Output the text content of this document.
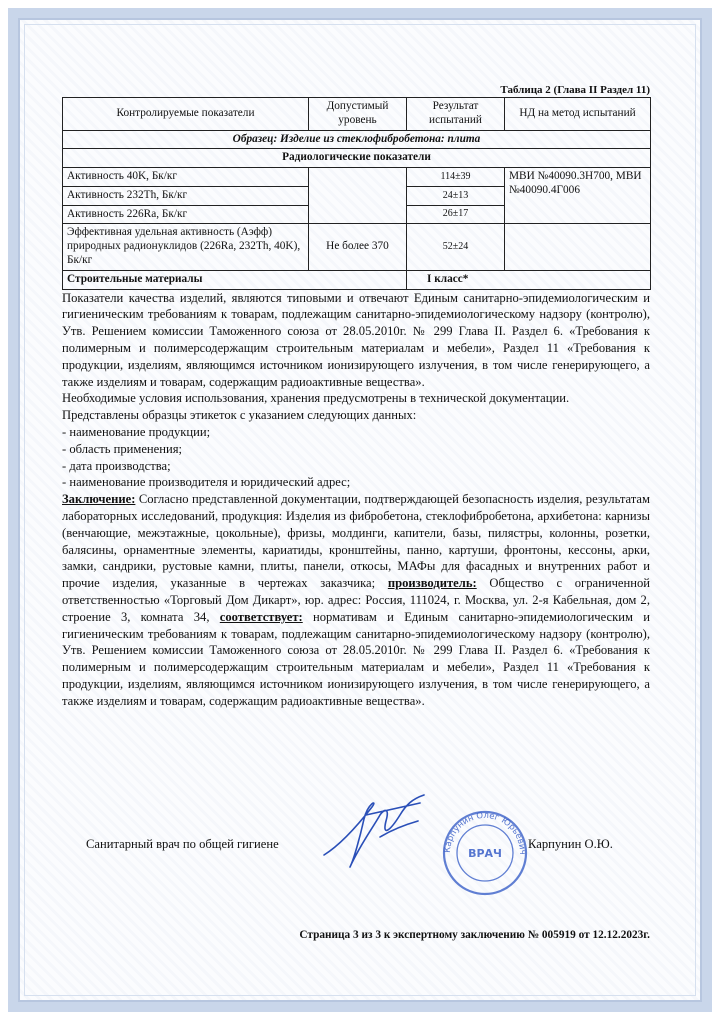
Таблица 2 (Глава II Раздел 11)
Контролируемые показатели	Допустимый уровень	Результат испытаний	НД на метод испытаний
Образец: Изделие из стеклофибробетона: плита			
Радиологические показатели			
Активность 40K, Бк/кг		114±39	МВИ №40090.3Н700, МВИ №40090.4Г006
Активность 232Th, Бк/кг		24±13	
Активность 226Ra, Бк/кг		26±17	
Эффективная удельная активность (Аэфф) природных радионуклидов (226Ra, 232Th, 40K), Бк/кг	Не более 370	52±24	
Строительные материалы		I класс*	

Показатели качества изделий, являются типовыми и отвечают Единым санитарно-эпидемиологическим и гигиеническим требованиям к товарам, подлежащим санитарно-эпидемиологическому надзору (контролю), Утв. Решением комиссии Таможенного союза от 28.05.2010г. № 299 Глава II. Раздел 6. «Требования к полимерным и полимерсодержащим строительным материалам и мебели», Раздел 11 «Требования к продукции, изделиям, являющимся источником ионизирующего излучения, в том числе генерирующего, а также изделиям и товарам, содержащим радиоактивные вещества».

Необходимые условия использования, хранения предусмотрены в технической документации.

Представлены образцы этикеток с указанием следующих данных:

- наименование продукции;

- область применения;

- дата производства;

- наименование производителя и юридический адрес;

Заключение: Согласно представленной документации, подтверждающей безопасность изделия, результатам лабораторных исследований, продукция: Изделия из фибробетона, стеклофибробетона, архибетона: карнизы (венчающие, межэтажные, цокольные), фризы, молдинги, капители, базы, пилястры, колонны, розетки, балясины, орнаментные элементы, кариатиды, кронштейны, панно, картуши, фронтоны, кессоны, арки, замки, сандрики, рустовые камни, плиты, панели, откосы, МАФы для фасадных и внутренних работ и прочие изделия, указанные в чертежах заказчика; производитель: Общество с ограниченной ответственностью «Торговый Дом Дикарт», юр. адрес: Россия, 111024, г. Москва, ул. 2-я Кабельная, дом 2, строение 3, комната 34, соответствует: нормативам и Единым санитарно-эпидемиологическим и гигиеническим требованиям к товарам, подлежащим санитарно-эпидемиологическому надзору (контролю), Утв. Решением комиссии Таможенного союза от 28.05.2010г. № 299 Глава II. Раздел 6. «Требования к полимерным и полимерсодержащим строительным материалам и мебели», Раздел 11 «Требования к продукции, изделиям, являющимся источником ионизирующего излучения, в том числе генерирующего, а также изделиям и товарам, содержащим радиоактивные вещества».

Карпунин Олег Юрьевич
ВРАЧ
Санитарный врач по общей гигиене	Карпунин О.Ю.
Страница 3 из 3 к экспертному заключению № 005919 от 12.12.2023г.
